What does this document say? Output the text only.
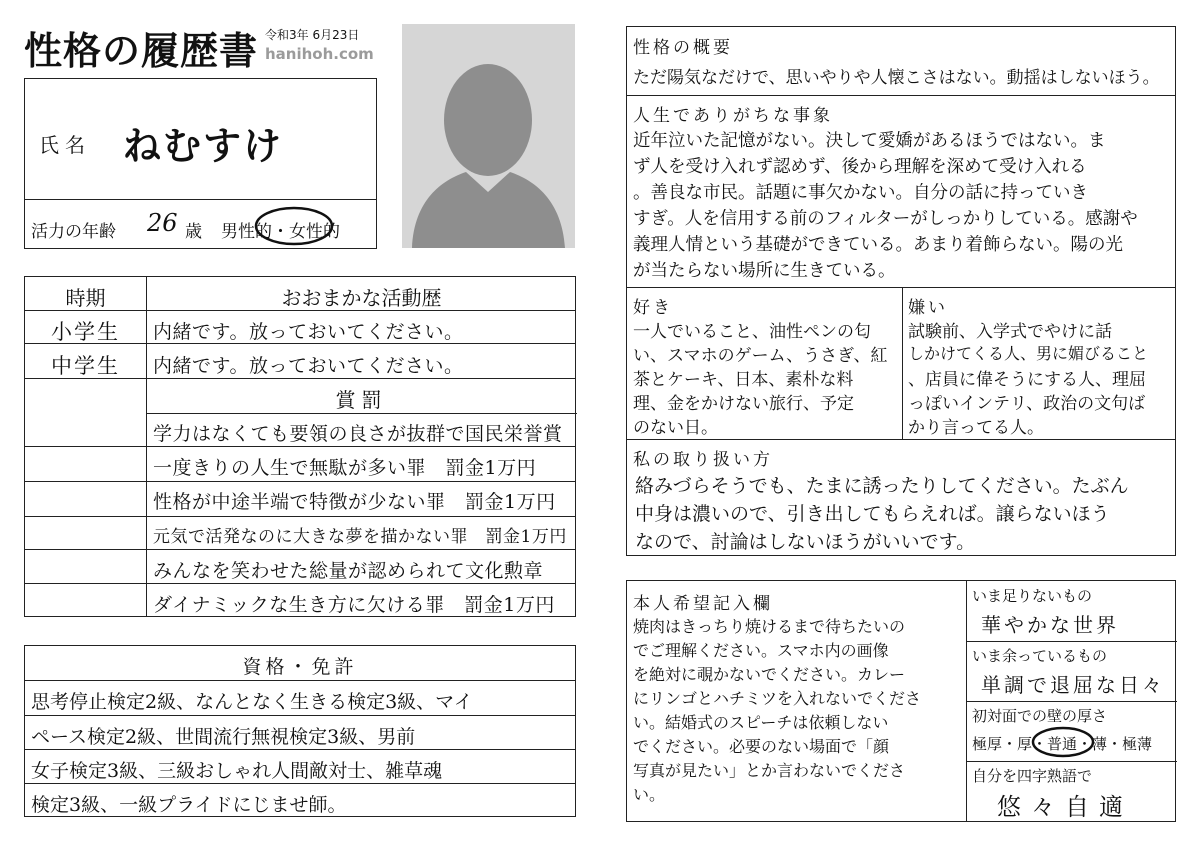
性格の履歴書 令和3年 6月23日
hanihoh.com
氏名 ねむすけ
活力の年齢 26 歳 男性的・女性的
時期	おおまかな活動歴
小学生	内緒です。放っておいてください。
中学生	内緒です。放っておいてください。
賞罰
学力はなくても要領の良さが抜群で国民栄誉賞
一度きりの人生で無駄が多い罪　罰金1万円
性格が中途半端で特徴が少ない罪　罰金1万円
元気で活発なのに大きな夢を描かない罪　罰金1万円
みんなを笑わせた総量が認められて文化勲章
ダイナミックな生き方に欠ける罪　罰金1万円
資格・免許
思考停止検定2級、なんとなく生きる検定3級、マイ
ペース検定2級、世間流行無視検定3級、男前
女子検定3級、三級おしゃれ人間敵対士、雑草魂
検定3級、一級プライドにじませ師。
性格の概要
ただ陽気なだけで、思いやりや人懐こさはない。動揺はしないほう。
人生でありがちな事象
近年泣いた記憶がない。決して愛嬌があるほうではない。ま
ず人を受け入れず認めず、後から理解を深めて受け入れる
。善良な市民。話題に事欠かない。自分の話に持っていき
すぎ。人を信用する前のフィルターがしっかりしている。感謝や
義理人情という基礎ができている。あまり着飾らない。陽の光
が当たらない場所に生きている。
好き
一人でいること、油性ペンの匂
い、スマホのゲーム、うさぎ、紅
茶とケーキ、日本、素朴な料
理、金をかけない旅行、予定
のない日。
嫌い
試験前、入学式でやけに話
しかけてくる人、男に媚びること
、店員に偉そうにする人、理屈
っぽいインテリ、政治の文句ば
かり言ってる人。
私の取り扱い方
絡みづらそうでも、たまに誘ったりしてください。たぶん
中身は濃いので、引き出してもらえれば。譲らないほう
なので、討論はしないほうがいいです。
本人希望記入欄
焼肉はきっちり焼けるまで待ちたいの
でご理解ください。スマホ内の画像
を絶対に覗かないでください。カレー
にリンゴとハチミツを入れないでくださ
い。結婚式のスピーチは依頼しない
でください。必要のない場面で「顔
写真が見たい」とか言わないでくださ
い。
いま足りないもの
華やかな世界
いま余っているもの
単調で退屈な日々
初対面での壁の厚さ
極厚・厚・普通・薄・極薄
自分を四字熟語で
悠々自適
